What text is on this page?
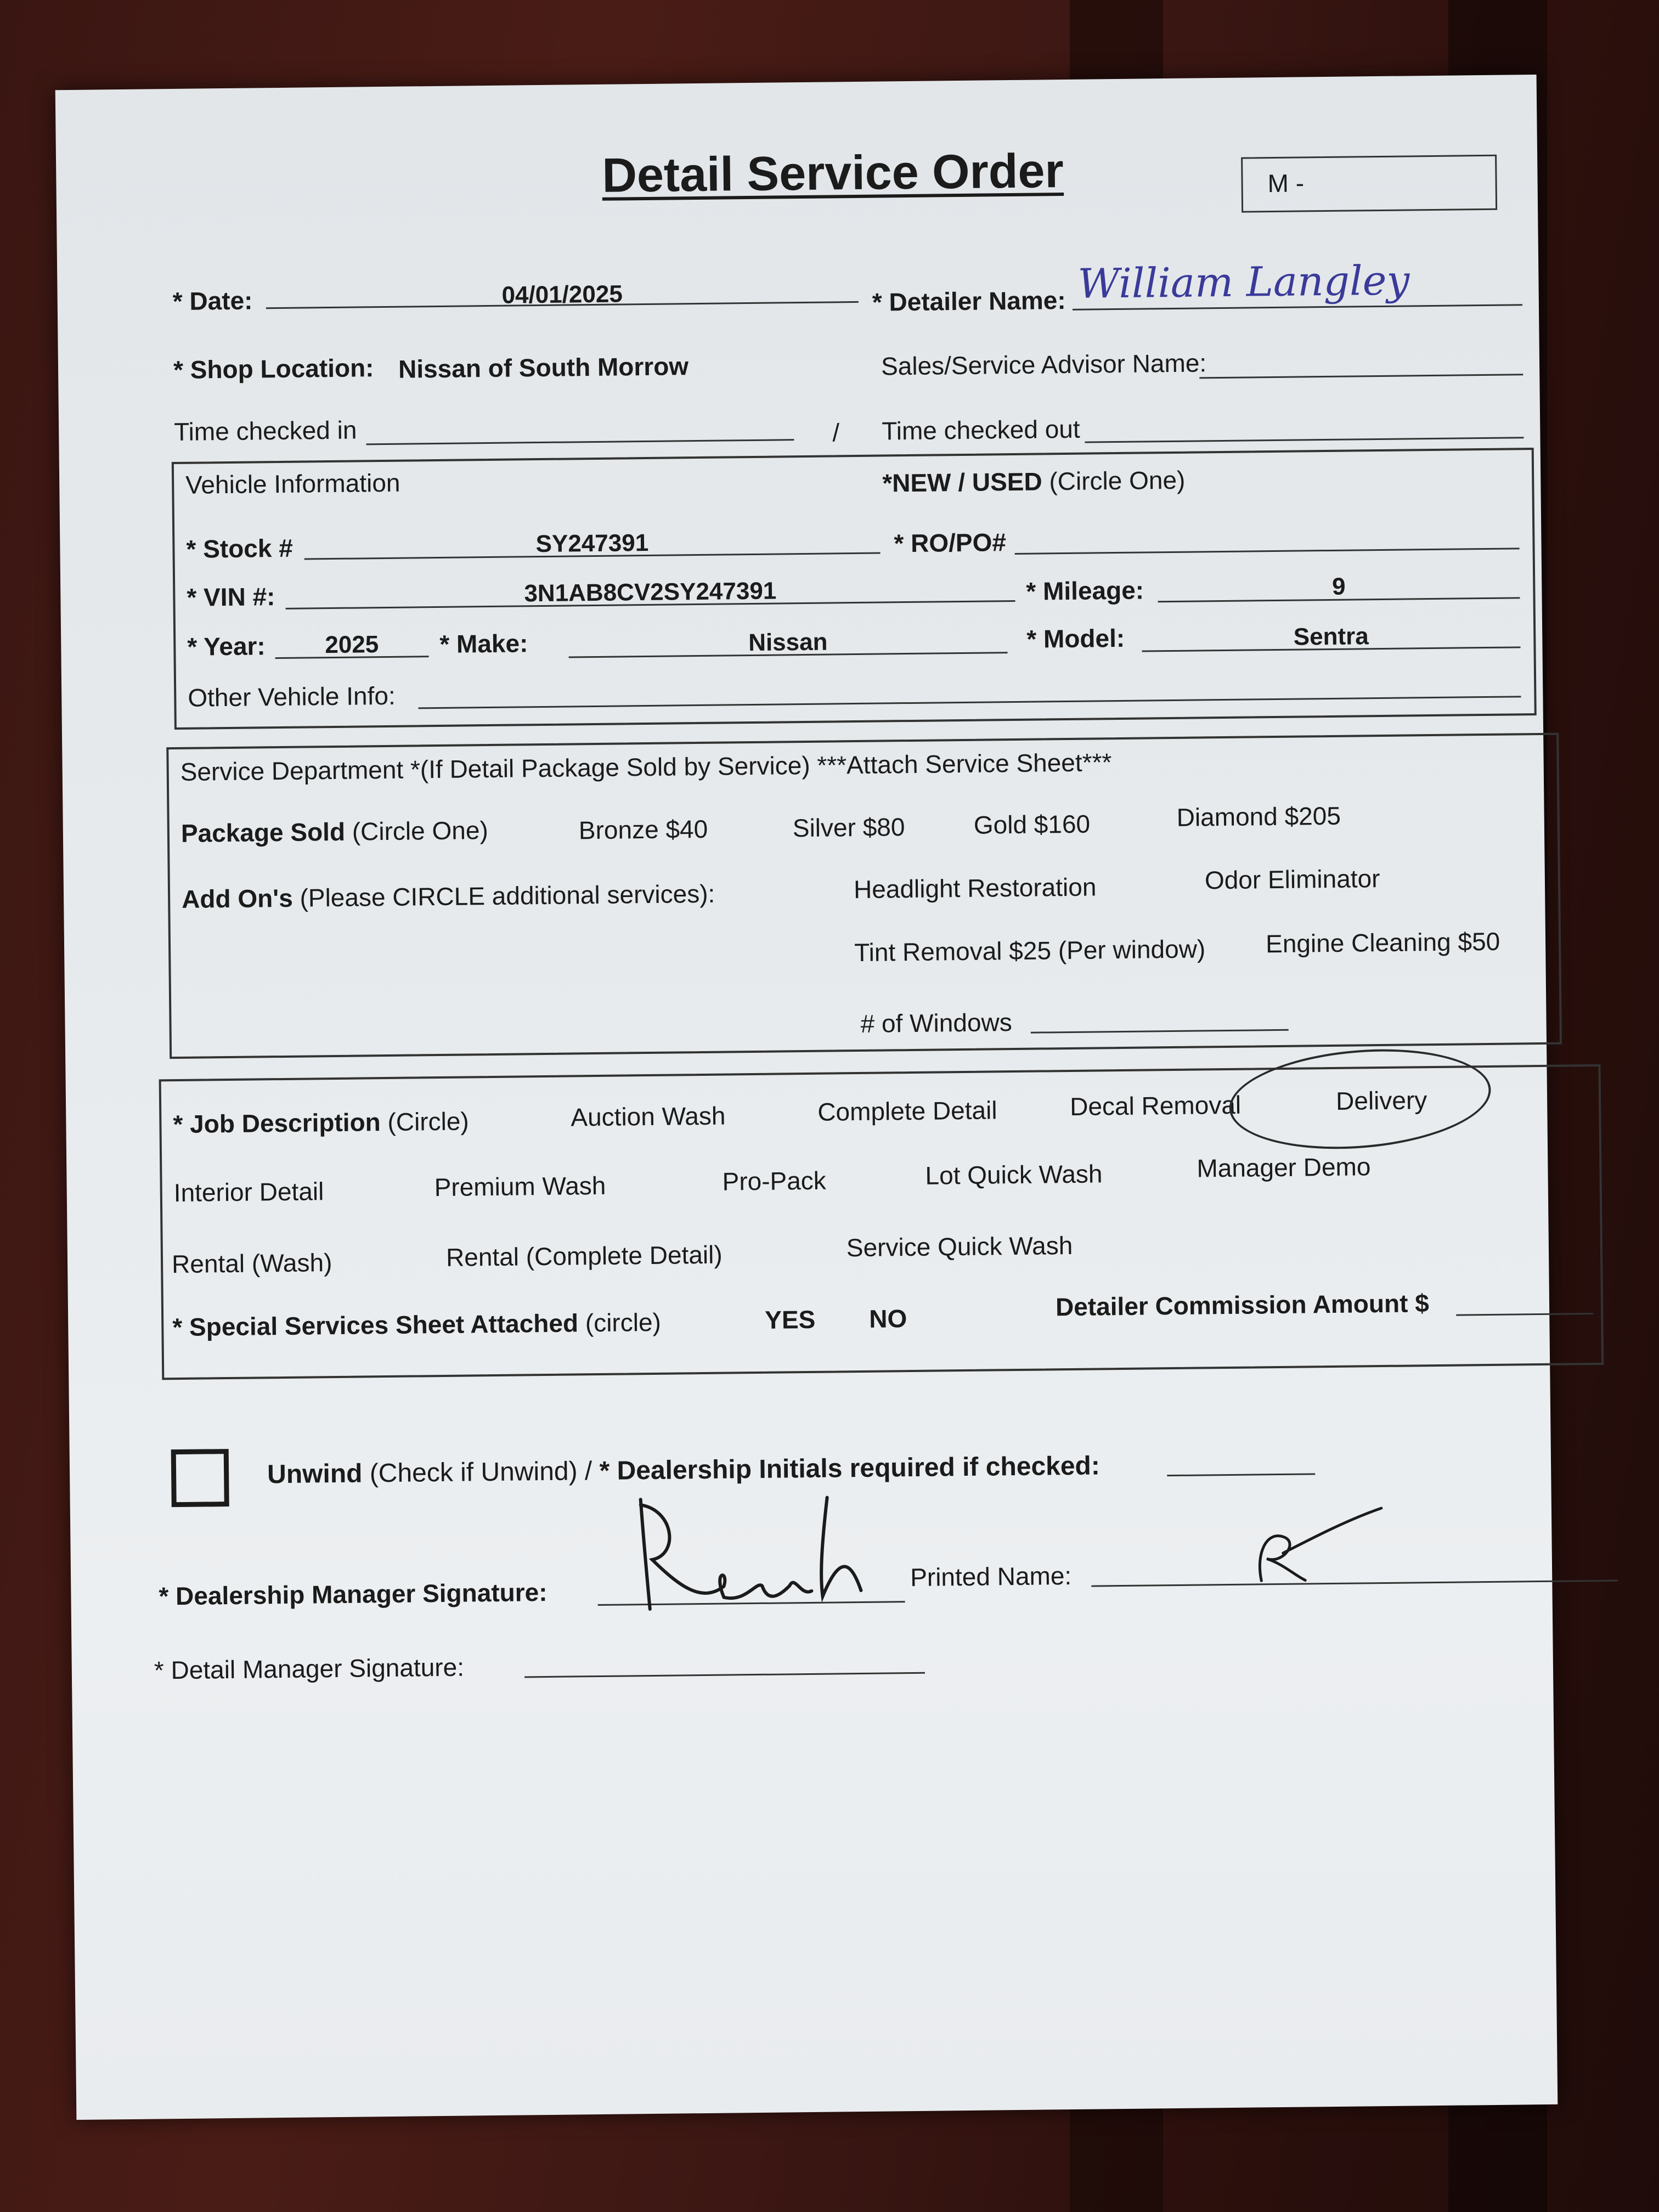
Detail Service Order	M -
* Date:	04/01/2025	* Detailer Name: William Langley
* Shop Location: Nissan of South Morrow	Sales/Service Advisor Name:
Time checked in	/ Time checked out
Vehicle Information	*NEW / USED (Circle One)
* Stock #	SY247391	* RO/PO#
* VIN #:	3N1AB8CV2SY247391	* Mileage:	9
* Year:	2025	* Make:	Nissan	* Model:	Sentra
Other Vehicle Info:
Service Department *(If Detail Package Sold by Service) ***Attach Service Sheet***
Package Sold (Circle One)	Bronze $40	Silver $80	Gold $160	Diamond $205
Add On's (Please CIRCLE additional services):	Headlight Restoration	Odor Eliminator
Tint Removal $25 (Per window) Engine Cleaning $50
# of Windows
* Job Description (Circle)	Auction Wash	Complete Detail	Decal Removal	Delivery
Interior Detail	Premium Wash	Pro-Pack	Lot Quick Wash	Manager Demo
Rental (Wash)	Rental (Complete Detail)	Service Quick Wash
* Special Services Sheet Attached (circle)	YES NO	Detailer Commission Amount $
Unwind (Check if Unwind) / * Dealership Initials required if checked:
* Dealership Manager Signature:
Printed Name:
* Detail Manager Signature:
